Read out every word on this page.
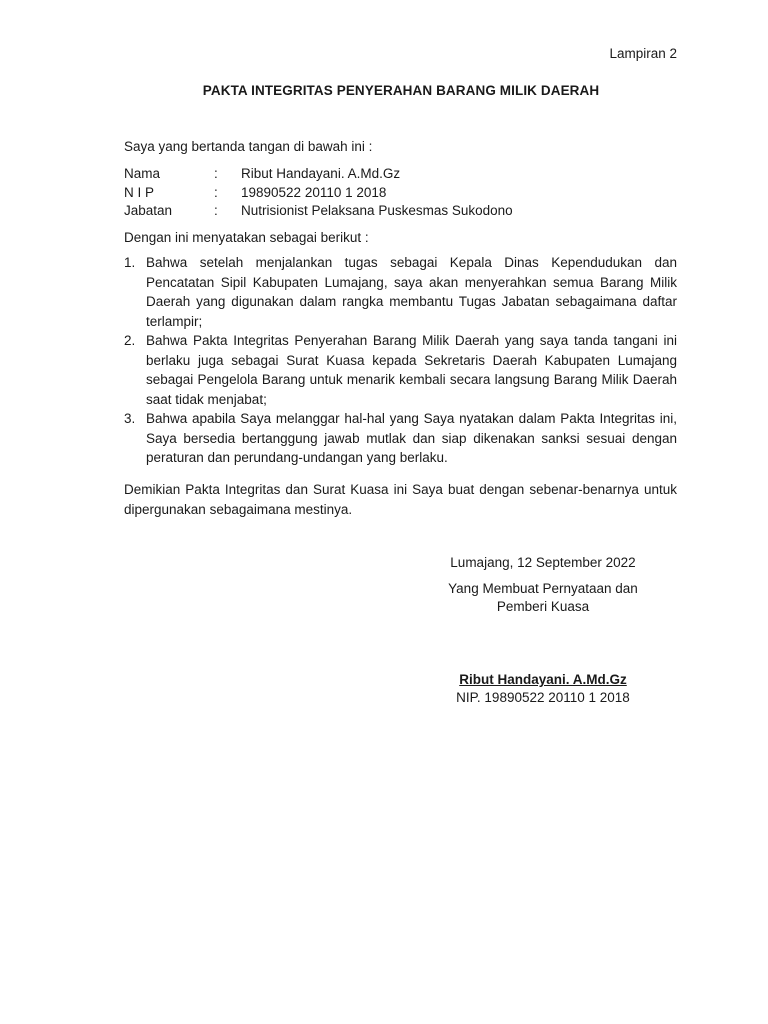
Lampiran 2
PAKTA INTEGRITAS PENYERAHAN BARANG MILIK DAERAH
Saya yang bertanda tangan di bawah ini :
Nama	:	Ribut Handayani. A.Md.Gz
N I P	:	19890522 20110 1 2018
Jabatan	:	Nutrisionist Pelaksana Puskesmas Sukodono
Dengan ini menyatakan sebagai berikut :
1. Bahwa setelah menjalankan tugas sebagai Kepala Dinas Kependudukan dan Pencatatan Sipil Kabupaten Lumajang, saya akan menyerahkan semua Barang Milik Daerah yang digunakan dalam rangka membantu Tugas Jabatan sebagaimana daftar terlampir;
2. Bahwa Pakta Integritas Penyerahan Barang Milik Daerah yang saya tanda tangani ini berlaku juga sebagai Surat Kuasa kepada Sekretaris Daerah Kabupaten Lumajang sebagai Pengelola Barang untuk menarik kembali secara langsung Barang Milik Daerah saat tidak menjabat;
3. Bahwa apabila Saya melanggar hal-hal yang Saya nyatakan dalam Pakta Integritas ini, Saya bersedia bertanggung jawab mutlak dan siap dikenakan sanksi sesuai dengan peraturan dan perundang-undangan yang berlaku.
Demikian Pakta Integritas dan Surat Kuasa ini Saya buat dengan sebenar-benarnya untuk dipergunakan sebagaimana mestinya.
Lumajang, 12 September 2022
Yang Membuat Pernyataan dan
Pemberi Kuasa
Ribut Handayani. A.Md.Gz
NIP. 19890522 20110 1 2018
